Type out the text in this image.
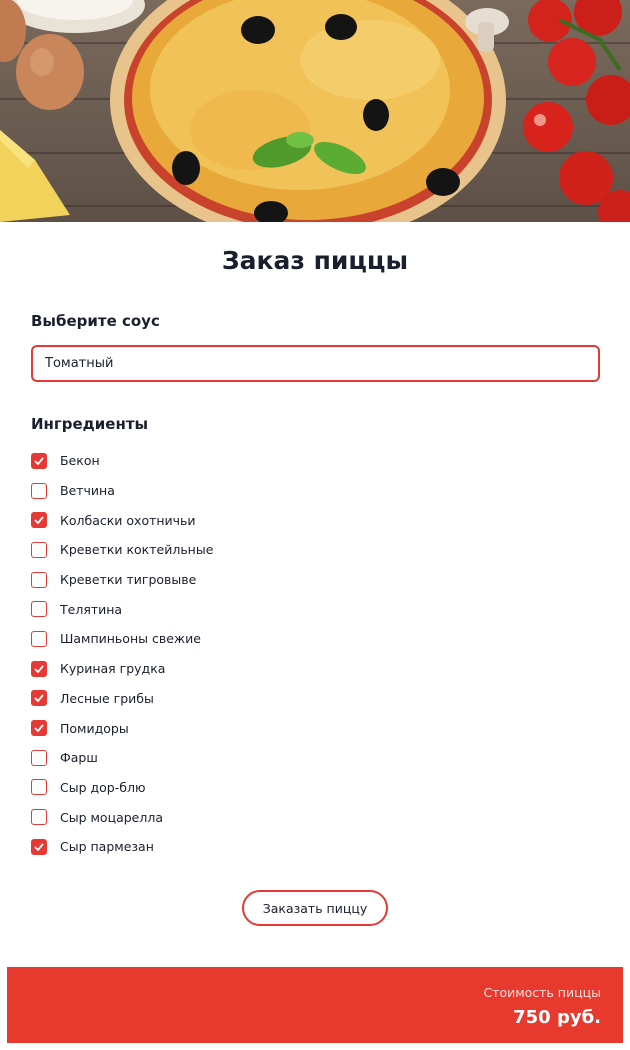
Заказ пиццы
Выберите соус
Томатный
Ингредиенты
Бекон
Ветчина
Колбаски охотничьи
Креветки коктейльные
Креветки тигровыве
Телятина
Шампиньоны свежие
Куриная грудка
Лесные грибы
Помидоры
Фарш
Сыр дор-блю
Сыр моцарелла
Сыр пармезан
Заказать пиццу
Стоимость пиццы
750 руб.
